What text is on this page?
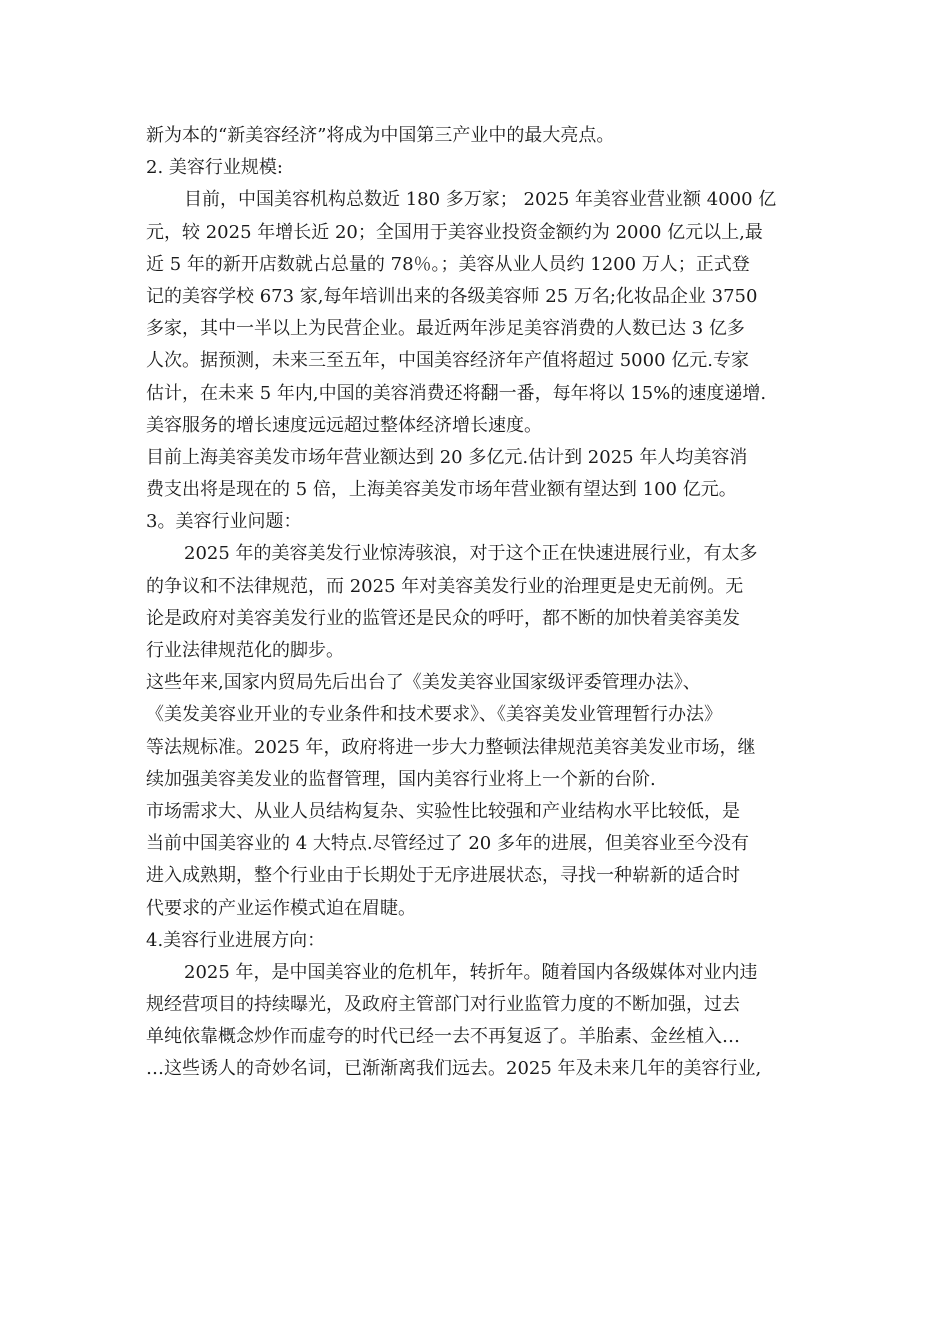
新为本的“新美容经济”将成为中国第三产业中的最大亮点。
2. 美容行业规模:
目前，中国美容机构总数近 180 多万家； 2025 年美容业营业额 4000 亿
元，较 2025 年增长近 20；全国用于美容业投资金额约为 2000 亿元以上,最
近 5 年的新开店数就占总量的 78％。；美容从业人员约 1200 万人；正式登
记的美容学校 673 家,每年培训出来的各级美容师 25 万名;化妆品企业 3750
多家，其中一半以上为民营企业。最近两年涉足美容消费的人数已达 3 亿多
人次。据预测，未来三至五年，中国美容经济年产值将超过 5000 亿元.专家
估计，在未来 5 年内,中国的美容消费还将翻一番，每年将以 15%的速度递增.
美容服务的增长速度远远超过整体经济增长速度。
目前上海美容美发市场年营业额达到 20 多亿元.估计到 2025 年人均美容消
费支出将是现在的 5 倍，上海美容美发市场年营业额有望达到 100 亿元。
3。美容行业问题：
2025 年的美容美发行业惊涛骇浪，对于这个正在快速进展行业，有太多
的争议和不法律规范，而 2025 年对美容美发行业的治理更是史无前例。无
论是政府对美容美发行业的监管还是民众的呼吁，都不断的加快着美容美发
行业法律规范化的脚步。
这些年来,国家内贸局先后出台了《美发美容业国家级评委管理办法》、
《美发美容业开业的专业条件和技术要求》、《美容美发业管理暂行办法》
等法规标准。2025 年，政府将进一步大力整顿法律规范美容美发业市场，继
续加强美容美发业的监督管理，国内美容行业将上一个新的台阶.
市场需求大、从业人员结构复杂、实验性比较强和产业结构水平比较低，是
当前中国美容业的 4 大特点.尽管经过了 20 多年的进展，但美容业至今没有
进入成熟期，整个行业由于长期处于无序进展状态，寻找一种崭新的适合时
代要求的产业运作模式迫在眉睫。
4.美容行业进展方向：
2025 年，是中国美容业的危机年，转折年。随着国内各级媒体对业内违
规经营项目的持续曝光，及政府主管部门对行业监管力度的不断加强，过去
单纯依靠概念炒作而虚夸的时代已经一去不再复返了。羊胎素、金丝植入…
…这些诱人的奇妙名词，已渐渐离我们远去。2025 年及未来几年的美容行业,
